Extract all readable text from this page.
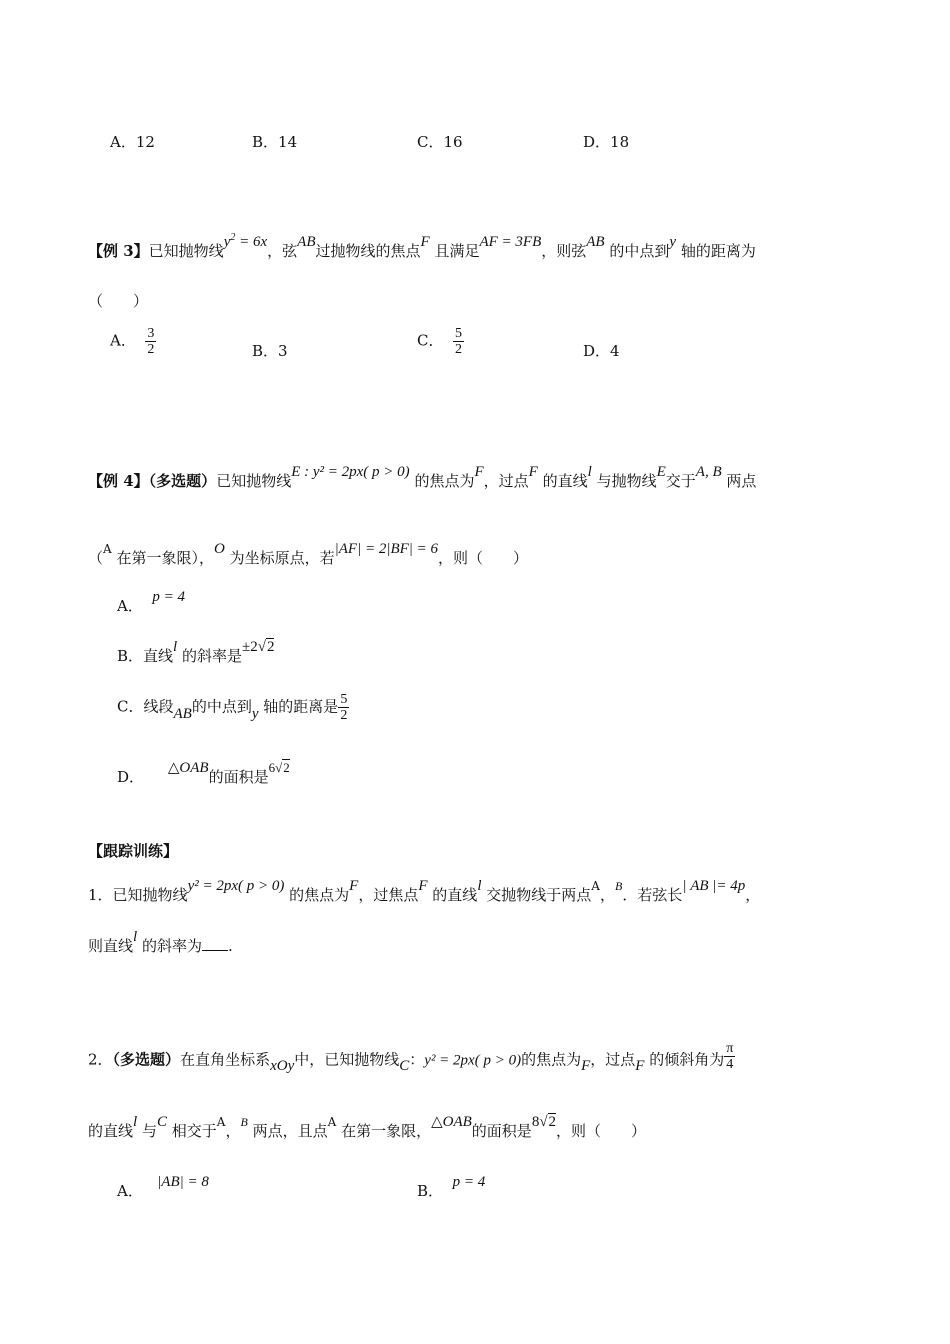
A．12	B．14	C．16	D．18
【例 3】已知抛物线$y^2 = 6x$，弦AB过抛物线的焦点F 且满足AF = 3FB，则弦AB 的中点到y 轴的距离为
（　　）
A． $\frac{3}{2}$	B．3
C． $\frac{5}{2}$	D．4
【例 4】（多选题）已知抛物线E : y² = 2px( p > 0) 的焦点为F，过点F 的直线l 与抛物线E交于A, B 两点
（$^A$ 在第一象限），O 为坐标原点，若|AF| = 2|BF| = 6，则（　　）
A． p = 4
B．直线l 的斜率是±2√2
C．线段AB的中点到y 轴的距离是 $\frac{5}{2}$
D． △OAB的面积是6√2
【跟踪训练】
1．已知抛物线y² = 2px( p > 0) 的焦点为F，过焦点F 的直线l 交抛物线于两点$^A$，$^B$．若弦长| AB |= 4p，
则直线l 的斜率为 .
2．（多选题）在直角坐标系xOy中，已知抛物线C：y² = 2px( p > 0)的焦点为F，过点F 的倾斜角为 $\frac{\pi}{4}$
的直线l 与C 相交于$^A$，$^B$ 两点，且点$^A$ 在第一象限，△OAB的面积是8√2，则（　　）
A． |AB| = 8	B． p = 4
